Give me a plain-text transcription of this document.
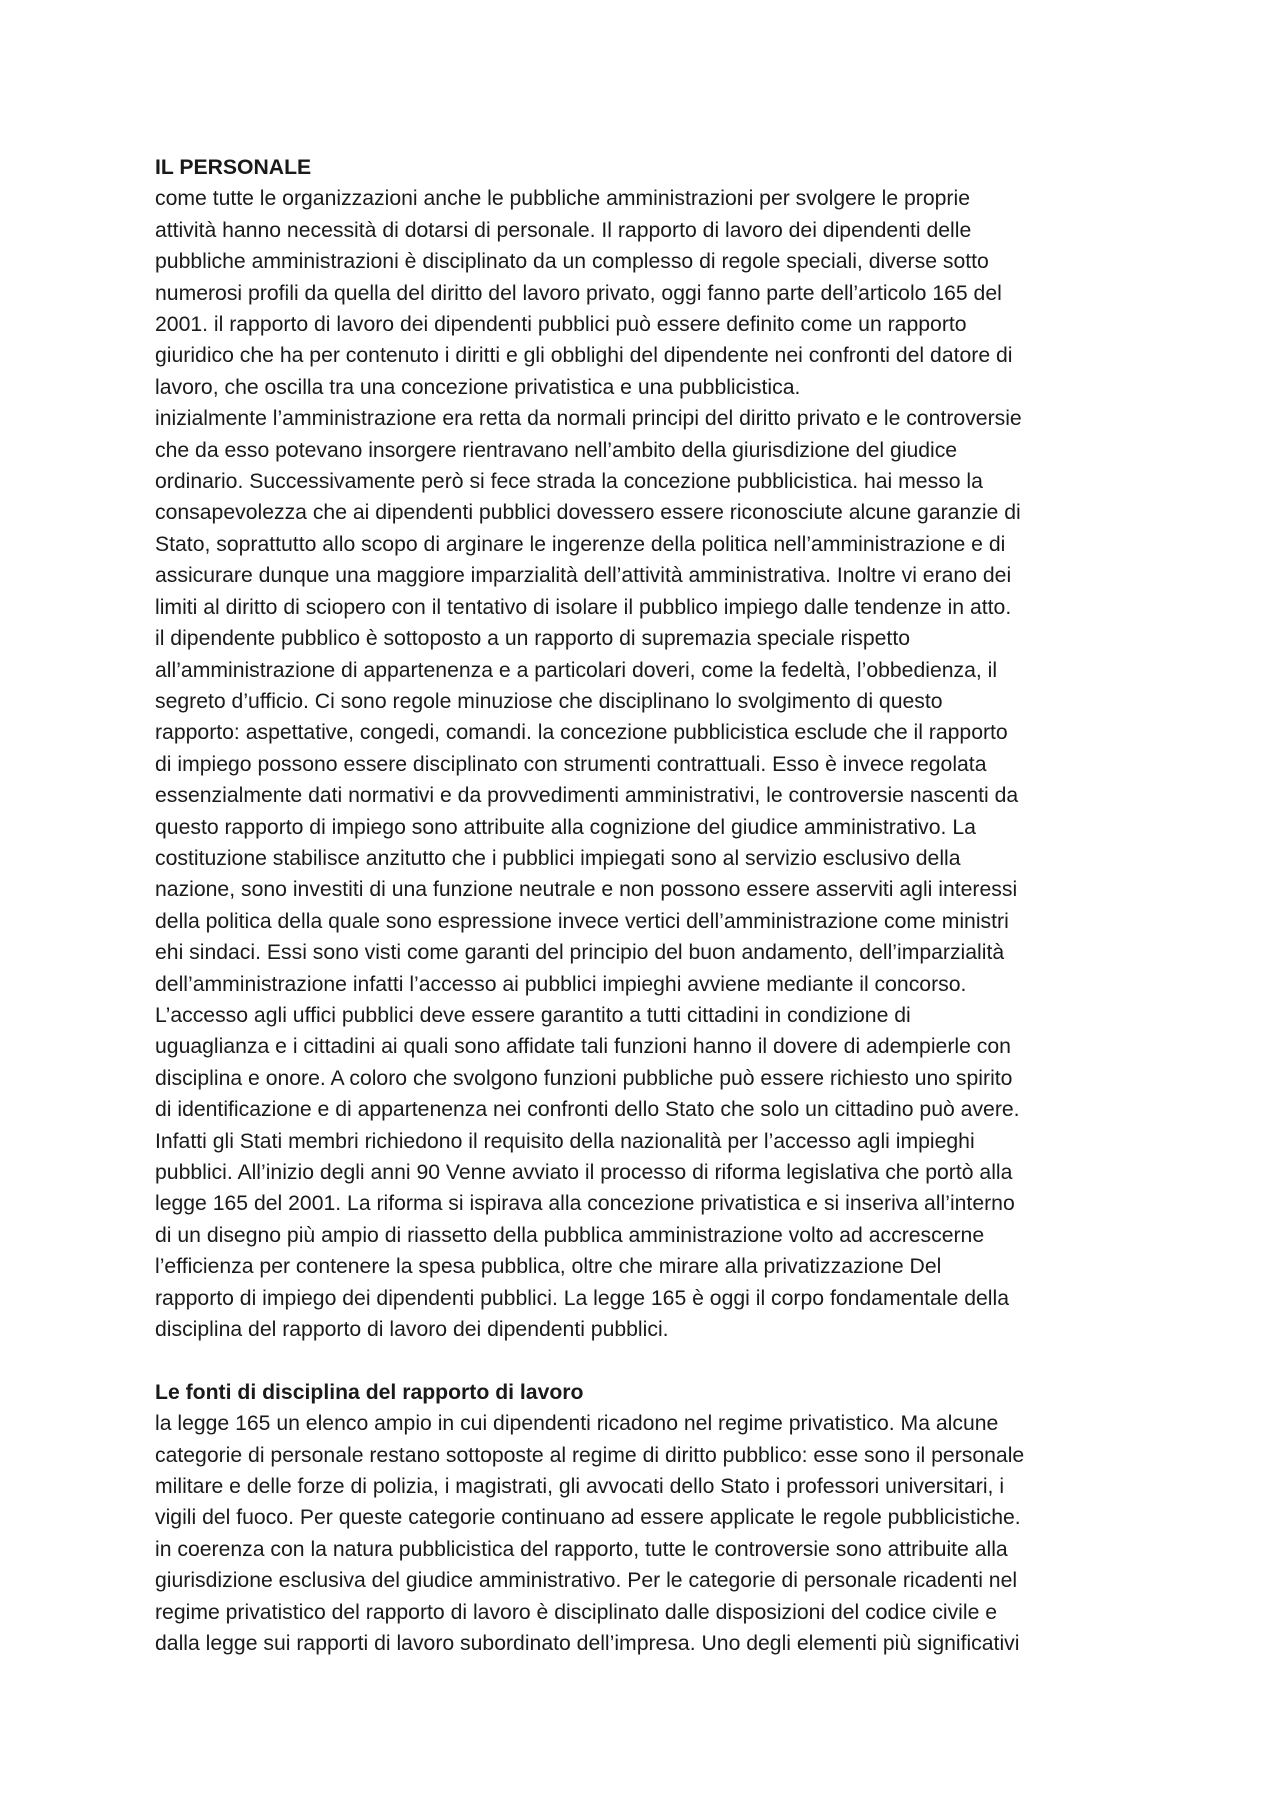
IL PERSONALE
come tutte le organizzazioni anche le pubbliche amministrazioni per svolgere le proprie
attività hanno necessità di dotarsi di personale. Il rapporto di lavoro dei dipendenti delle
pubbliche amministrazioni è disciplinato da un complesso di regole speciali, diverse sotto
numerosi profili da quella del diritto del lavoro privato, oggi fanno parte dell’articolo 165 del
2001. il rapporto di lavoro dei dipendenti pubblici può essere definito come un rapporto
giuridico che ha per contenuto i diritti e gli obblighi del dipendente nei confronti del datore di
lavoro, che oscilla tra una concezione privatistica e una pubblicistica.
inizialmente l’amministrazione era retta da normali principi del diritto privato e le controversie
che da esso potevano insorgere rientravano nell’ambito della giurisdizione del giudice
ordinario. Successivamente però si fece strada la concezione pubblicistica. hai messo la
consapevolezza che ai dipendenti pubblici dovessero essere riconosciute alcune garanzie di
Stato, soprattutto allo scopo di arginare le ingerenze della politica nell’amministrazione e di
assicurare dunque una maggiore imparzialità dell’attività amministrativa. Inoltre vi erano dei
limiti al diritto di sciopero con il tentativo di isolare il pubblico impiego dalle tendenze in atto.
il dipendente pubblico è sottoposto a un rapporto di supremazia speciale rispetto
all’amministrazione di appartenenza e a particolari doveri, come la fedeltà, l’obbedienza, il
segreto d’ufficio. Ci sono regole minuziose che disciplinano lo svolgimento di questo
rapporto: aspettative, congedi, comandi. la concezione pubblicistica esclude che il rapporto
di impiego possono essere disciplinato con strumenti contrattuali. Esso è invece regolata
essenzialmente dati normativi e da provvedimenti amministrativi, le controversie nascenti da
questo rapporto di impiego sono attribuite alla cognizione del giudice amministrativo. La
costituzione stabilisce anzitutto che i pubblici impiegati sono al servizio esclusivo della
nazione, sono investiti di una funzione neutrale e non possono essere asserviti agli interessi
della politica della quale sono espressione invece vertici dell’amministrazione come ministri
ehi sindaci. Essi sono visti come garanti del principio del buon andamento, dell’imparzialità
dell’amministrazione infatti l’accesso ai pubblici impieghi avviene mediante il concorso.
L’accesso agli uffici pubblici deve essere garantito a tutti cittadini in condizione di
uguaglianza e i cittadini ai quali sono affidate tali funzioni hanno il dovere di adempierle con
disciplina e onore. A coloro che svolgono funzioni pubbliche può essere richiesto uno spirito
di identificazione e di appartenenza nei confronti dello Stato che solo un cittadino può avere.
Infatti gli Stati membri richiedono il requisito della nazionalità per l’accesso agli impieghi
pubblici. All’inizio degli anni 90 Venne avviato il processo di riforma legislativa che portò alla
legge 165 del 2001. La riforma si ispirava alla concezione privatistica e si inseriva all’interno
di un disegno più ampio di riassetto della pubblica amministrazione volto ad accrescerne
l’efficienza per contenere la spesa pubblica, oltre che mirare alla privatizzazione Del
rapporto di impiego dei dipendenti pubblici. La legge 165 è oggi il corpo fondamentale della
disciplina del rapporto di lavoro dei dipendenti pubblici.
Le fonti di disciplina del rapporto di lavoro
la legge 165 un elenco ampio in cui dipendenti ricadono nel regime privatistico. Ma alcune
categorie di personale restano sottoposte al regime di diritto pubblico: esse sono il personale
militare e delle forze di polizia, i magistrati, gli avvocati dello Stato i professori universitari, i
vigili del fuoco. Per queste categorie continuano ad essere applicate le regole pubblicistiche.
in coerenza con la natura pubblicistica del rapporto, tutte le controversie sono attribuite alla
giurisdizione esclusiva del giudice amministrativo. Per le categorie di personale ricadenti nel
regime privatistico del rapporto di lavoro è disciplinato dalle disposizioni del codice civile e
dalla legge sui rapporti di lavoro subordinato dell’impresa. Uno degli elementi più significativi
